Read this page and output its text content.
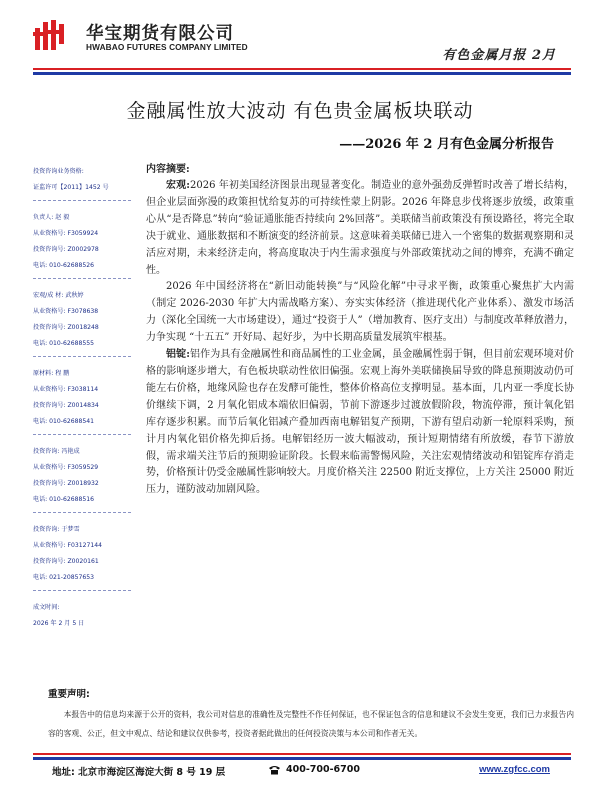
华宝期货有限公司
HWABAO FUTURES COMPANY LIMITED
有色金属月报 2月
金融属性放大波动 有色贵金属板块联动
——2026 年 2 月有色金属分析报告
投资咨询业务资格:
证监许可【2011】1452 号
负责人: 赵 毅
从业资格号: F3059924
投资咨询号: Z0002978
电话: 010-62688526
宏观/成 材: 武秋婷
从业资格号: F3078638
投资咨询号: Z0018248
电话: 010-62688555
原材料: 程 鹏
从业资格号: F3038114
投资咨询号: Z0014834
电话: 010-62688541
投资咨询: 冯艳成
从业资格号: F3059529
投资咨询号: Z0018932
电话: 010-62688516
投资咨询: 于梦雪
从业资格号: F03127144
投资咨询号: Z0020161
电话: 021-20857653
成文时间:
2026 年 2 月 5 日
内容摘要:

宏观:2026 年初美国经济图景出现显著变化。制造业的意外强劲反弹暂时改善了增长结构，但企业层面弥漫的政策担忧给复苏的可持续性蒙上阴影。2026 年降息步伐将逐步放缓，政策重心从“是否降息”转向“验证通胀能否持续向 2%回落”。美联储当前政策没有预设路径，将完全取决于就业、通胀数据和不断演变的经济前景。这意味着美联储已进入一个密集的数据观察期和灵活应对期，未来经济走向，将高度取决于内生需求强度与外部政策扰动之间的博弈，充满不确定性。

2026 年中国经济将在“新旧动能转换”与“风险化解”中寻求平衡，政策重心聚焦扩大内需（制定 2026-2030 年扩大内需战略方案）、夯实实体经济（推进现代化产业体系）、激发市场活力（深化全国统一大市场建设），通过“投资于人”（增加教育、医疗支出）与制度改革释放潜力，力争实现 “十五五” 开好局、起好步，为中长期高质量发展筑牢根基。

铝锭:铝作为具有金融属性和商品属性的工业金属，虽金融属性弱于铜，但目前宏观环境对价格的影响逐步增大，有色板块联动性依旧偏强。宏观上海外美联储换届导致的降息预期波动仍可能左右价格，地缘风险也存在发酵可能性，整体价格高位支撑明显。基本面，几内亚一季度长协价继续下调，2 月氧化铝成本端依旧偏弱，节前下游逐步过渡放假阶段，物流停滞，预计氧化铝库存逐步积累。而节后氧化铝减产叠加西南电解铝复产预期，下游有望启动新一轮原料采购，预计月内氧化铝价格先抑后扬。电解铝经历一波大幅波动，预计短期情绪有所放缓，春节下游放假，需求端关注节后的预期验证阶段。长假来临需警惕风险，关注宏观情绪波动和铝锭库存消走势，价格预计仍受金融属性影响较大。月度价格关注 22500 附近支撑位，上方关注 25000 附近压力，谨防波动加剧风险。

重要声明:

本报告中的信息均来源于公开的资料，我公司对信息的准确性及完整性不作任何保证，也不保证包含的信息和建议不会发生变更，我们已力求报告内容的客观、公正，但文中观点、结论和建议仅供参考，投资者据此做出的任何投资决策与本公司和作者无关。

地址: 北京市海淀区海淀大街 8 号 19 层	400-700-6700	www.zgfcc.com
